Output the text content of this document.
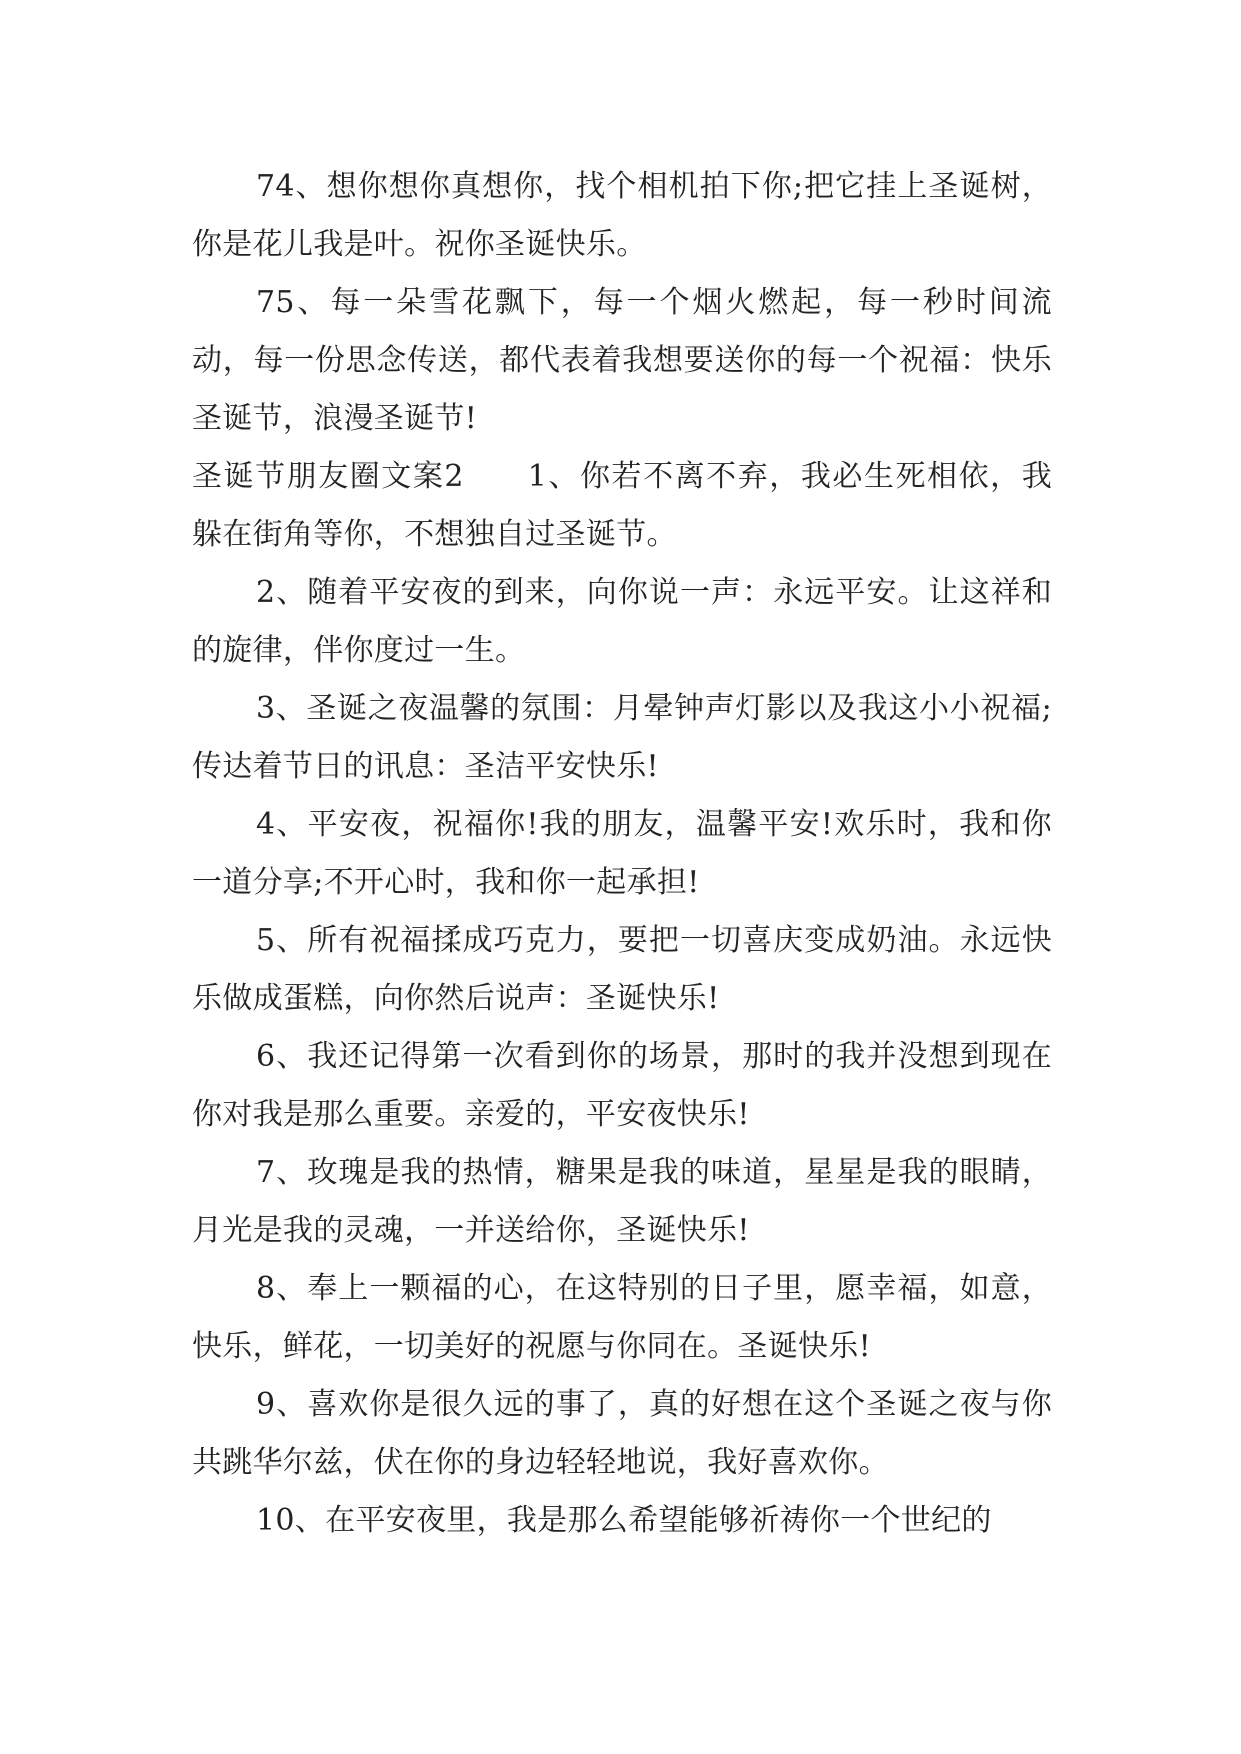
74、想你想你真想你，找个相机拍下你;把它挂上圣诞树，你是花儿我是叶。祝你圣诞快乐。

75、每一朵雪花飘下，每一个烟火燃起，每一秒时间流动，每一份思念传送，都代表着我想要送你的每一个祝福：快乐圣诞节，浪漫圣诞节!

圣诞节朋友圈文案2 1、你若不离不弃，我必生死相依，我躲在街角等你，不想独自过圣诞节。

2、随着平安夜的到来，向你说一声：永远平安。让这祥和的旋律，伴你度过一生。

3、圣诞之夜温馨的氛围：月晕钟声灯影以及我这小小祝福;传达着节日的讯息：圣洁平安快乐!

4、平安夜，祝福你!我的朋友，温馨平安!欢乐时，我和你一道分享;不开心时，我和你一起承担!

5、所有祝福揉成巧克力，要把一切喜庆变成奶油。永远快乐做成蛋糕，向你然后说声：圣诞快乐!

6、我还记得第一次看到你的场景，那时的我并没想到现在你对我是那么重要。亲爱的，平安夜快乐!

7、玫瑰是我的热情，糖果是我的味道，星星是我的眼睛，月光是我的灵魂，一并送给你，圣诞快乐!

8、奉上一颗福的心，在这特别的日子里，愿幸福，如意，快乐，鲜花，一切美好的祝愿与你同在。圣诞快乐!

9、喜欢你是很久远的事了，真的好想在这个圣诞之夜与你共跳华尔兹，伏在你的身边轻轻地说，我好喜欢你。

10、在平安夜里，我是那么希望能够祈祷你一个世纪的
